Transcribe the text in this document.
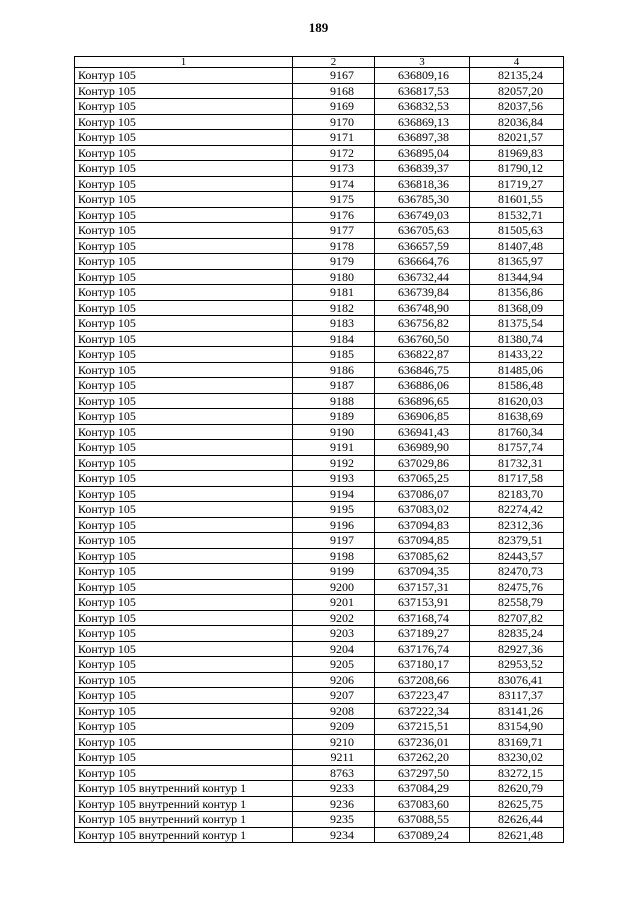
189
1	2	3	4
Контур 105	9167	636809,16	82135,24
Контур 105	9168	636817,53	82057,20
Контур 105	9169	636832,53	82037,56
Контур 105	9170	636869,13	82036,84
Контур 105	9171	636897,38	82021,57
Контур 105	9172	636895,04	81969,83
Контур 105	9173	636839,37	81790,12
Контур 105	9174	636818,36	81719,27
Контур 105	9175	636785,30	81601,55
Контур 105	9176	636749,03	81532,71
Контур 105	9177	636705,63	81505,63
Контур 105	9178	636657,59	81407,48
Контур 105	9179	636664,76	81365,97
Контур 105	9180	636732,44	81344,94
Контур 105	9181	636739,84	81356,86
Контур 105	9182	636748,90	81368,09
Контур 105	9183	636756,82	81375,54
Контур 105	9184	636760,50	81380,74
Контур 105	9185	636822,87	81433,22
Контур 105	9186	636846,75	81485,06
Контур 105	9187	636886,06	81586,48
Контур 105	9188	636896,65	81620,03
Контур 105	9189	636906,85	81638,69
Контур 105	9190	636941,43	81760,34
Контур 105	9191	636989,90	81757,74
Контур 105	9192	637029,86	81732,31
Контур 105	9193	637065,25	81717,58
Контур 105	9194	637086,07	82183,70
Контур 105	9195	637083,02	82274,42
Контур 105	9196	637094,83	82312,36
Контур 105	9197	637094,85	82379,51
Контур 105	9198	637085,62	82443,57
Контур 105	9199	637094,35	82470,73
Контур 105	9200	637157,31	82475,76
Контур 105	9201	637153,91	82558,79
Контур 105	9202	637168,74	82707,82
Контур 105	9203	637189,27	82835,24
Контур 105	9204	637176,74	82927,36
Контур 105	9205	637180,17	82953,52
Контур 105	9206	637208,66	83076,41
Контур 105	9207	637223,47	83117,37
Контур 105	9208	637222,34	83141,26
Контур 105	9209	637215,51	83154,90
Контур 105	9210	637236,01	83169,71
Контур 105	9211	637262,20	83230,02
Контур 105	8763	637297,50	83272,15
Контур 105 внутренний контур 1	9233	637084,29	82620,79
Контур 105 внутренний контур 1	9236	637083,60	82625,75
Контур 105 внутренний контур 1	9235	637088,55	82626,44
Контур 105 внутренний контур 1	9234	637089,24	82621,48
